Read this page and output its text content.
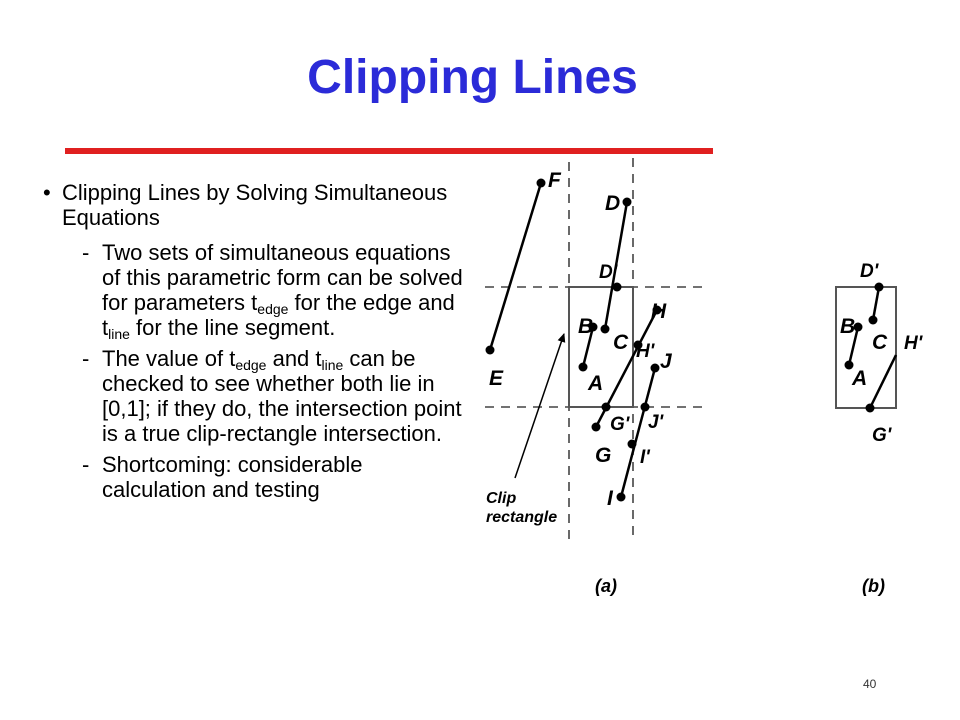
Clipping Lines
• Clipping Lines by Solving Simultaneous Equations
- Two sets of simultaneous equations of this parametric form can be solved for parameters $t_{edge}$ for the edge and $t_{line}$ for the line segment.
- The value of $t_{edge}$ and $t_{line}$ can be checked to see whether both lie in [0,1]; if they do, the intersection point is a true clip-rectangle intersection.
- Shortcoming: considerable calculation and testing
F
E
D
D'
B
A
C
H
H'
G'
G
J
J'
I'
I
Clip
rectangle
(a)
D'
B
A
C H'
G'
(b)
40
